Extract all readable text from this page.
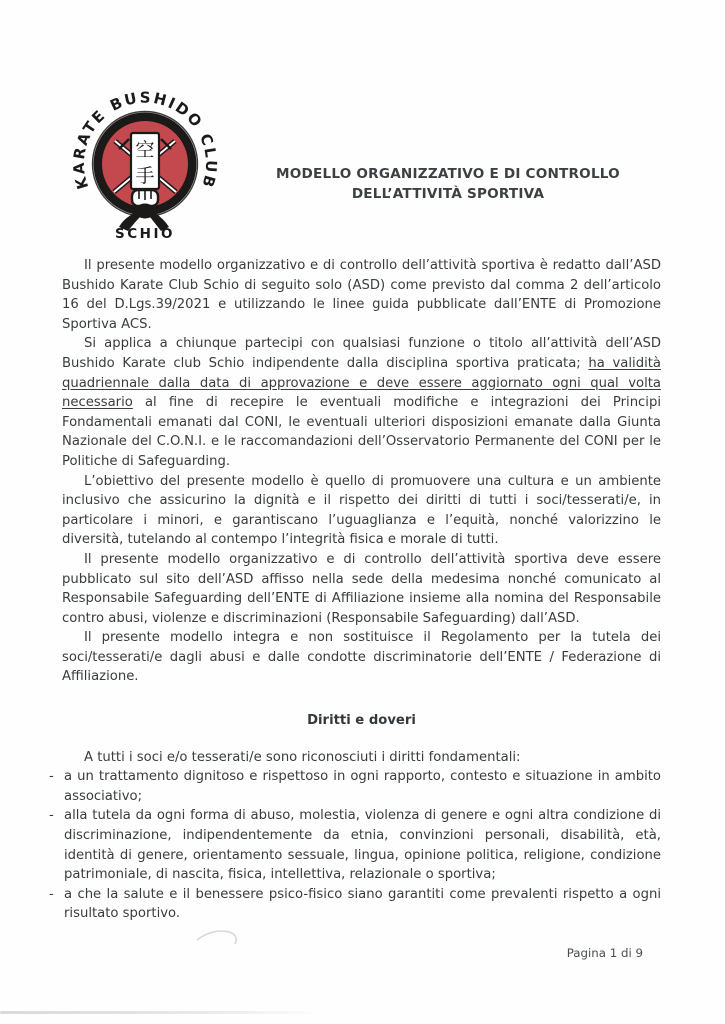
空
手
KARATE BUSHIDO CLUB
SCHIO
MODELLO ORGANIZZATIVO E DI CONTROLLO
DELL’ATTIVITÀ SPORTIVA

Il presente modello organizzativo e di controllo dell’attività sportiva è redatto dall’ASD Bushido Karate Club Schio di seguito solo (ASD) come previsto dal comma 2 dell’articolo 16 del D.Lgs.39/2021 e utilizzando le linee guida pubblicate dall’ENTE di Promozione Sportiva ACS.

Si applica a chiunque partecipi con qualsiasi funzione o titolo all’attività dell’ASD Bushido Karate club Schio indipendente dalla disciplina sportiva praticata; ha validità quadriennale dalla data di approvazione e deve essere aggiornato ogni qual volta necessario al fine di recepire le eventuali modifiche e integrazioni dei Principi Fondamentali emanati dal CONI, le eventuali ulteriori disposizioni emanate dalla Giunta Nazionale del C.O.N.I. e le raccomandazioni dell’Osservatorio Permanente del CONI per le Politiche di Safeguarding.

L’obiettivo del presente modello è quello di promuovere una cultura e un ambiente inclusivo che assicurino la dignità e il rispetto dei diritti di tutti i soci/tesserati/e, in particolare i minori, e garantiscano l’uguaglianza e l’equità, nonché valorizzino le diversità, tutelando al contempo l’integrità fisica e morale di tutti.

Il presente modello organizzativo e di controllo dell’attività sportiva deve essere pubblicato sul sito dell’ASD affisso nella sede della medesima nonché comunicato al Responsabile Safeguarding dell’ENTE di Affiliazione insieme alla nomina del Responsabile contro abusi, violenze e discriminazioni (Responsabile Safeguarding) dall’ASD.

Il presente modello integra e non sostituisce il Regolamento per la tutela dei soci/tesserati/e dagli abusi e dalle condotte discriminatorie dell’ENTE / Federazione di Affiliazione.

Diritti e doveri

A tutti i soci e/o tesserati/e sono riconosciuti i diritti fondamentali:

- a un trattamento dignitoso e rispettoso in ogni rapporto, contesto e situazione in ambito associativo;
- alla tutela da ogni forma di abuso, molestia, violenza di genere e ogni altra condizione di discriminazione, indipendentemente da etnia, convinzioni personali, disabilità, età, identità di genere, orientamento sessuale, lingua, opinione politica, religione, condizione patrimoniale, di nascita, fisica, intellettiva, relazionale o sportiva;
- a che la salute e il benessere psico-fisico siano garantiti come prevalenti rispetto a ogni risultato sportivo.
Pagina 1 di 9
